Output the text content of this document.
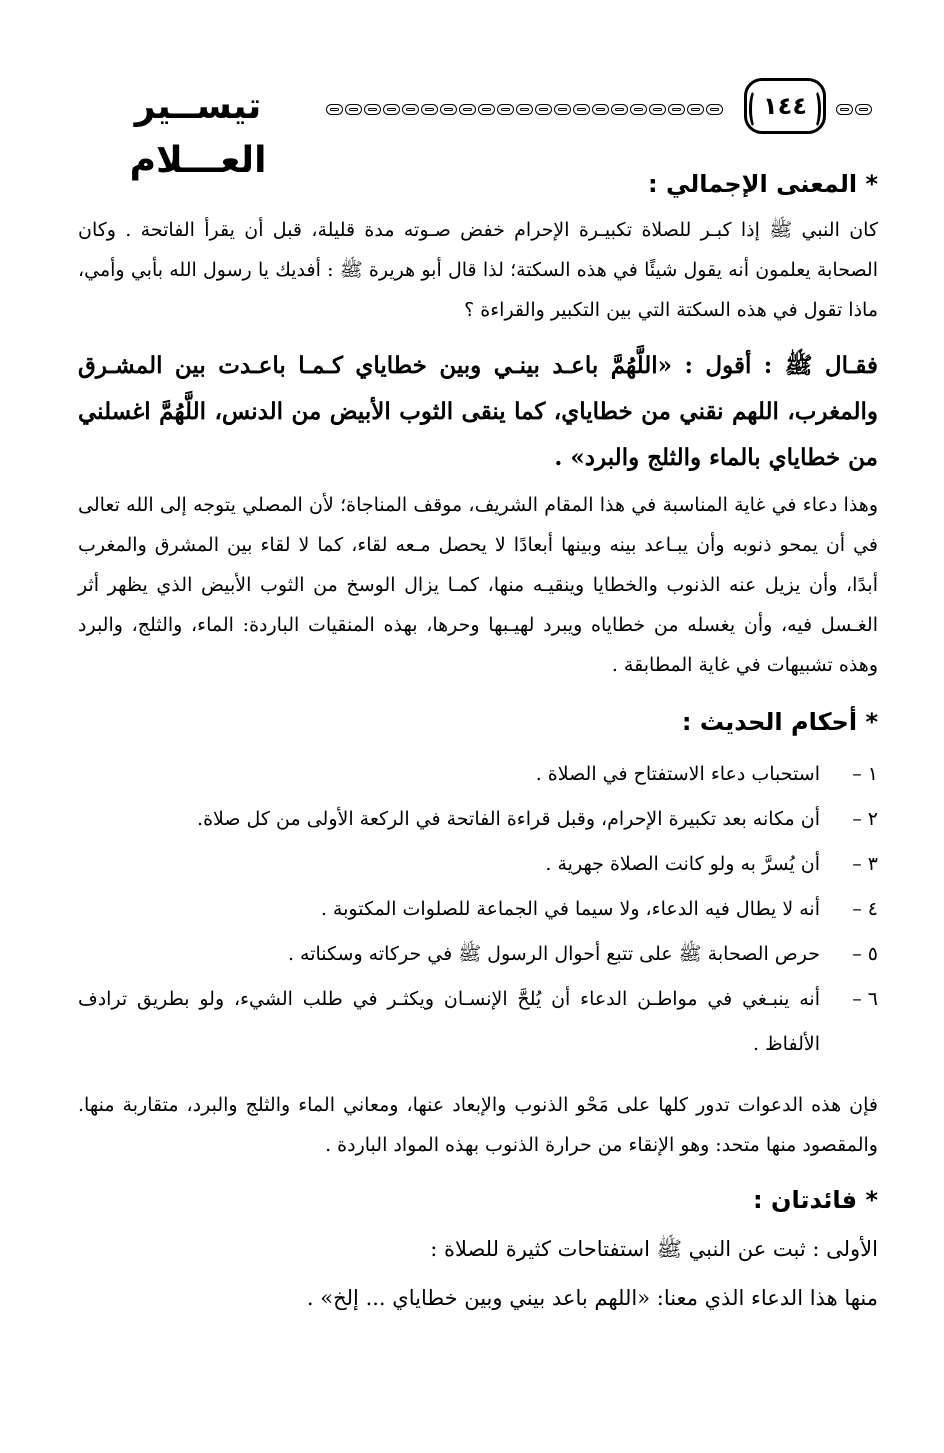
تيســير العـــلام
١٤٤
* المعنى الإجمالي :
كان النبي ﷺ إذا كبـر للصلاة تكبيـرة الإحرام خفض صـوته مدة قليلة، قبل أن يقرأ الفاتحة . وكان الصحابة يعلمون أنه يقول شيئًا في هذه السكتة؛ لذا قال أبو هريرة ﷺ : أفديك يا رسول الله بأبي وأمي، ماذا تقول في هذه السكتة التي بين التكبير والقراءة ؟
فقـال ﷺ : أقول : «اللَّهُمَّ باعـد بينـي وبين خطاياي كـمـا باعـدت بين المشـرق والمغرب، اللهم نقني من خطاياي، كما ينقى الثوب الأبيض من الدنس، اللَّهُمَّ اغسلني من خطاياي بالماء والثلج والبرد» .
وهذا دعاء في غاية المناسبة في هذا المقام الشريف، موقف المناجاة؛ لأن المصلي يتوجه إلى الله تعالى في أن يمحو ذنوبه وأن يبـاعد بينه وبينها أبعادًا لا يحصل مـعه لقاء، كما لا لقاء بين المشرق والمغرب أبدًا، وأن يزيل عنه الذنوب والخطايا وينقيـه منها، كمـا يزال الوسخ من الثوب الأبيض الذي يظهر أثر الغـسل فيه، وأن يغسله من خطاياه ويبرد لهيـبها وحرها، بهذه المنقيات الباردة: الماء، والثلج، والبرد وهذه تشبيهات في غاية المطابقة .
* أحكام الحديث :
١ –
استحباب دعاء الاستفتاح في الصلاة .
٢ –
أن مكانه بعد تكبيرة الإحرام، وقبل قراءة الفاتحة في الركعة الأولى من كل صلاة.
٣ –
أن يُسرَّ به ولو كانت الصلاة جهرية .
٤ –
أنه لا يطال فيه الدعاء، ولا سيما في الجماعة للصلوات المكتوبة .
٥ –
حرص الصحابة ﷺ على تتبع أحوال الرسول ﷺ في حركاته وسكناته .
٦ –
أنه ينبـغي في مواطـن الدعاء أن يُلحَّ الإنسـان ويكثـر في طلب الشيء، ولو بطريق ترادف الألفاظ .
فإن هذه الدعوات تدور كلها على مَحْو الذنوب والإبعاد عنها، ومعاني الماء والثلج والبرد، متقاربة منها. والمقصود منها متحد: وهو الإنقاء من حرارة الذنوب بهذه المواد الباردة .
* فائدتان :
الأولى : ثبت عن النبي ﷺ استفتاحات كثيرة للصلاة :
منها هذا الدعاء الذي معنا: «اللهم باعد بيني وبين خطاياي ... إلخ» .
